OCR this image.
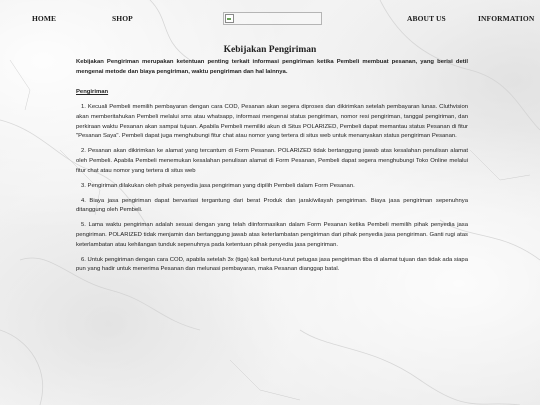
HOME	SHOP	ABOUT US	INFORMATION
Kebijakan Pengiriman

Kebijakan Pengiriman merupakan ketentuan penting terkait informasi pengiriman ketika Pembeli membuat pesanan, yang berisi detil mengenai metode dan biaya pengiriman, waktu pengiriman dan hal lainnya.

Pengiriman

1. Kecuali Pembeli memilih pembayaran dengan cara COD, Pesanan akan segera diproses dan dikirimkan setelah pembayaran lunas. Cluthvision akan memberitahukan Pembeli melalui sms atau whatsapp, informasi mengenai status pengiriman, nomor resi pengiriman, tanggal pengiriman, dan perkiraan waktu Pesanan akan sampai tujuan. Apabila Pembeli memiliki akun di Situs POLARIZED, Pembeli dapat memantau status Pesanan di fitur "Pesanan Saya". Pembeli dapat juga menghubungi fitur chat atau nomor yang tertera di situs web untuk menanyakan status pengiriman Pesanan.

2. Pesanan akan dikirimkan ke alamat yang tercantum di Form Pesanan. POLARIZED tidak bertanggung jawab atas kesalahan penulisan alamat oleh Pembeli. Apabila Pembeli menemukan kesalahan penulisan alamat di Form Pesanan, Pembeli dapat segera menghubungi Toko Online melalui fitur chat atau nomor yang tertera di situs web

3. Pengiriman dilakukan oleh pihak penyedia jasa pengiriman yang dipilih Pembeli dalam Form Pesanan.

4. Biaya jasa pengiriman dapat bervariasi tergantung dari berat Produk dan jarak/wilayah pengiriman. Biaya jasa pengiriman sepenuhnya ditanggung oleh Pembeli.

5. Lama waktu pengiriman adalah sesuai dengan yang telah diinformasikan dalam Form Pesanan ketika Pembeli memilih pihak penyedia jasa pengiriman. POLARIZED tidak menjamin dan bertanggung jawab atas keterlambatan pengiriman dari pihak penyedia jasa pengiriman. Ganti rugi atas keterlambatan atau kehilangan tunduk sepenuhnya pada ketentuan pihak penyedia jasa pengiriman.

6. Untuk pengiriman dengan cara COD, apabila setelah 3x (tiga) kali berturut-turut petugas jasa pengiriman tiba di alamat tujuan dan tidak ada siapa pun yang hadir untuk menerima Pesanan dan melunasi pembayaran, maka Pesanan dianggap batal.
